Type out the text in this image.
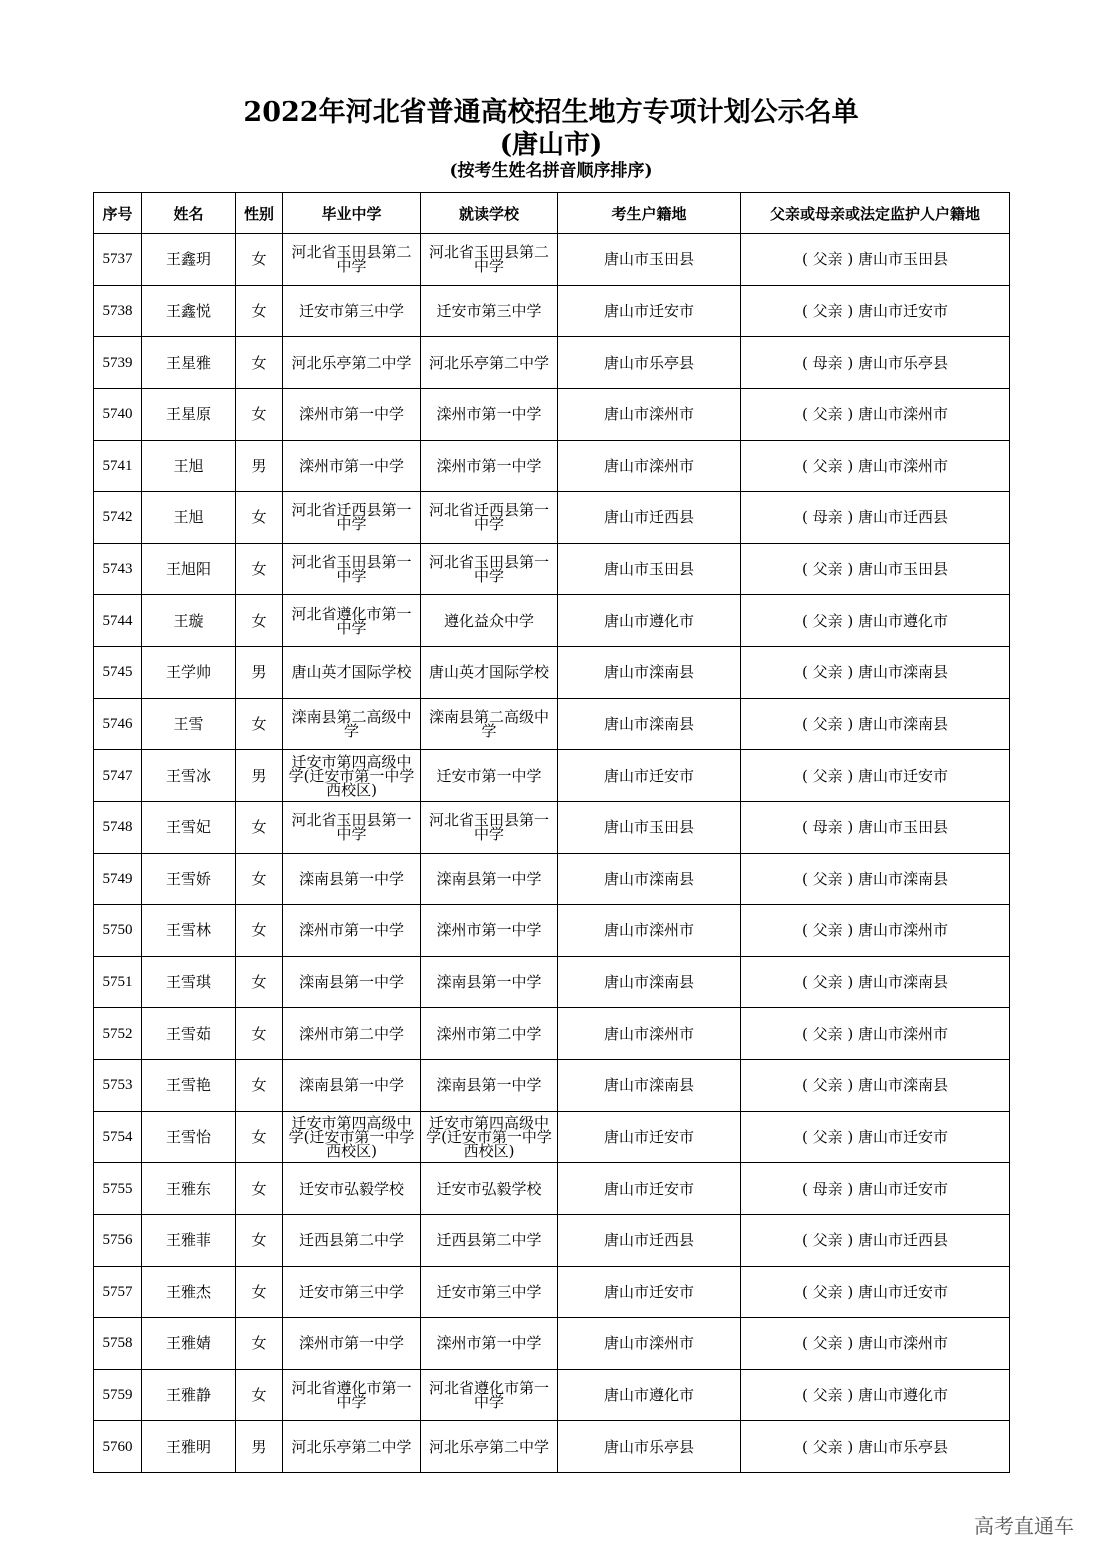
2022年河北省普通高校招生地方专项计划公示名单
(唐山市)
(按考生姓名拼音顺序排序)
序号	姓名	性别	毕业中学	就读学校	考生户籍地	父亲或母亲或法定监护人户籍地
5737	王鑫玥	女	河北省玉田县第二中学	河北省玉田县第二中学	唐山市玉田县	( 父亲 ) 唐山市玉田县
5738	王鑫悦	女	迁安市第三中学	迁安市第三中学	唐山市迁安市	( 父亲 ) 唐山市迁安市
5739	王星雅	女	河北乐亭第二中学	河北乐亭第二中学	唐山市乐亭县	( 母亲 ) 唐山市乐亭县
5740	王星原	女	滦州市第一中学	滦州市第一中学	唐山市滦州市	( 父亲 ) 唐山市滦州市
5741	王旭	男	滦州市第一中学	滦州市第一中学	唐山市滦州市	( 父亲 ) 唐山市滦州市
5742	王旭	女	河北省迁西县第一中学	河北省迁西县第一中学	唐山市迁西县	( 母亲 ) 唐山市迁西县
5743	王旭阳	女	河北省玉田县第一中学	河北省玉田县第一中学	唐山市玉田县	( 父亲 ) 唐山市玉田县
5744	王璇	女	河北省遵化市第一中学	遵化益众中学	唐山市遵化市	( 父亲 ) 唐山市遵化市
5745	王学帅	男	唐山英才国际学校	唐山英才国际学校	唐山市滦南县	( 父亲 ) 唐山市滦南县
5746	王雪	女	滦南县第二高级中学	滦南县第二高级中学	唐山市滦南县	( 父亲 ) 唐山市滦南县
5747	王雪冰	男	迁安市第四高级中学(迁安市第一中学西校区)	迁安市第一中学	唐山市迁安市	( 父亲 ) 唐山市迁安市
5748	王雪妃	女	河北省玉田县第一中学	河北省玉田县第一中学	唐山市玉田县	( 母亲 ) 唐山市玉田县
5749	王雪娇	女	滦南县第一中学	滦南县第一中学	唐山市滦南县	( 父亲 ) 唐山市滦南县
5750	王雪林	女	滦州市第一中学	滦州市第一中学	唐山市滦州市	( 父亲 ) 唐山市滦州市
5751	王雪琪	女	滦南县第一中学	滦南县第一中学	唐山市滦南县	( 父亲 ) 唐山市滦南县
5752	王雪茹	女	滦州市第二中学	滦州市第二中学	唐山市滦州市	( 父亲 ) 唐山市滦州市
5753	王雪艳	女	滦南县第一中学	滦南县第一中学	唐山市滦南县	( 父亲 ) 唐山市滦南县
5754	王雪怡	女	迁安市第四高级中学(迁安市第一中学西校区)	迁安市第四高级中学(迁安市第一中学西校区)	唐山市迁安市	( 父亲 ) 唐山市迁安市
5755	王雅东	女	迁安市弘毅学校	迁安市弘毅学校	唐山市迁安市	( 母亲 ) 唐山市迁安市
5756	王雅菲	女	迁西县第二中学	迁西县第二中学	唐山市迁西县	( 父亲 ) 唐山市迁西县
5757	王雅杰	女	迁安市第三中学	迁安市第三中学	唐山市迁安市	( 父亲 ) 唐山市迁安市
5758	王雅婧	女	滦州市第一中学	滦州市第一中学	唐山市滦州市	( 父亲 ) 唐山市滦州市
5759	王雅静	女	河北省遵化市第一中学	河北省遵化市第一中学	唐山市遵化市	( 父亲 ) 唐山市遵化市
5760	王雅明	男	河北乐亭第二中学	河北乐亭第二中学	唐山市乐亭县	( 父亲 ) 唐山市乐亭县
高考直通车
